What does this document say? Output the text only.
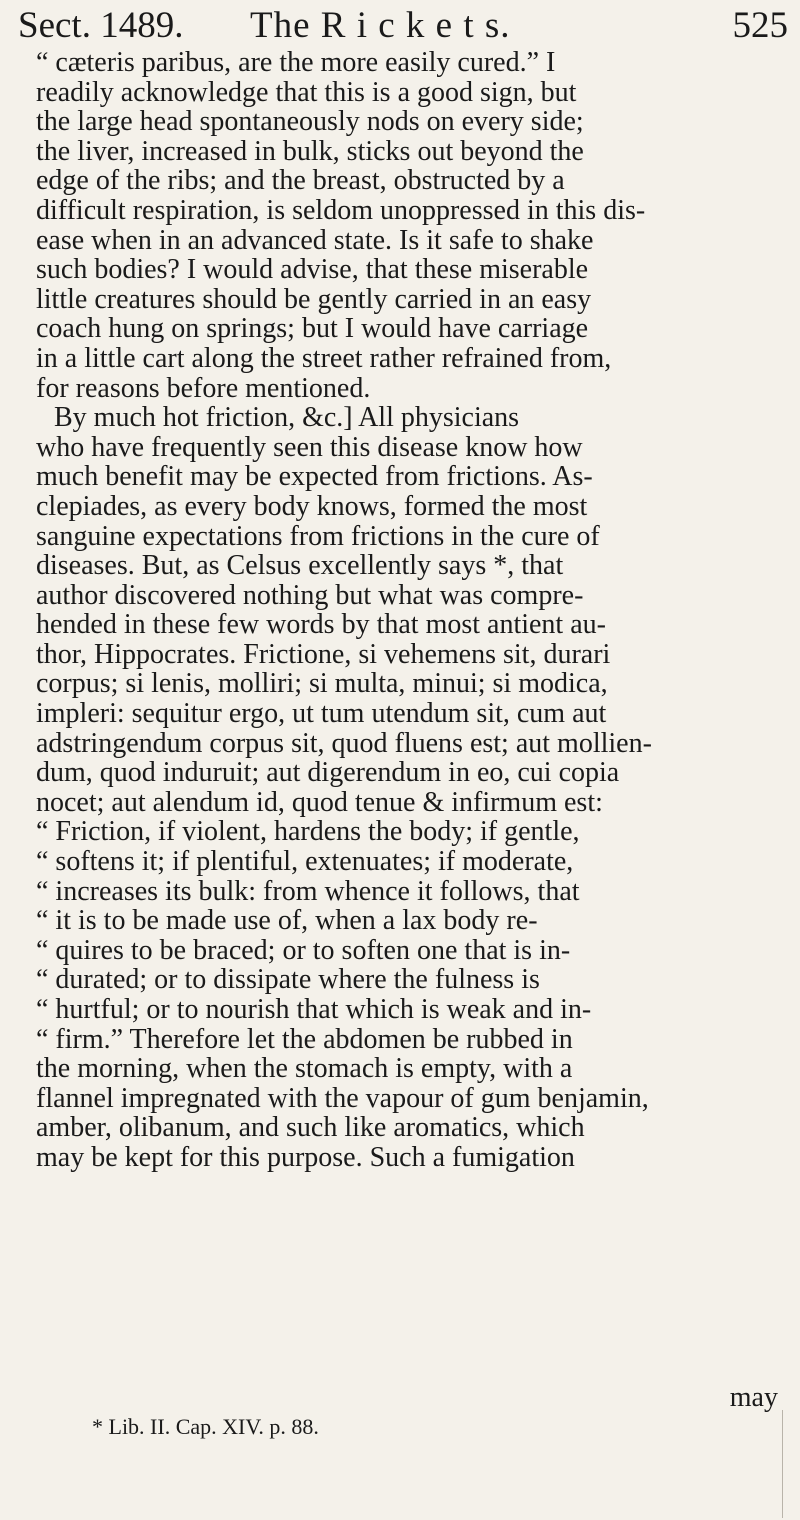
Sect. 1489. The R i c k e t s.	525
“ cæteris paribus, are the more easily cured.” I
readily acknowledge that this is a good sign, but
the large head spontaneously nods on every side;
the liver, increased in bulk, sticks out beyond the
edge of the ribs; and the breast, obstructed by a
difficult respiration, is seldom unoppressed in this dis-
ease when in an advanced state. Is it safe to shake
such bodies? I would advise, that these miserable
little creatures should be gently carried in an easy
coach hung on springs; but I would have carriage
in a little cart along the street rather refrained from,
for reasons before mentioned.
By much hot friction, &c.] All physicians
who have frequently seen this disease know how
much benefit may be expected from frictions. As-
clepiades, as every body knows, formed the most
sanguine expectations from frictions in the cure of
diseases. But, as Celsus excellently says *, that
author discovered nothing but what was compre-
hended in these few words by that most antient au-
thor, Hippocrates. Frictione, si vehemens sit, durari
corpus; si lenis, molliri; si multa, minui; si modica,
impleri: sequitur ergo, ut tum utendum sit, cum aut
adstringendum corpus sit, quod fluens est; aut mollien-
dum, quod induruit; aut digerendum in eo, cui copia
nocet; aut alendum id, quod tenue & infirmum est:
“ Friction, if violent, hardens the body; if gentle,
“ softens it; if plentiful, extenuates; if moderate,
“ increases its bulk: from whence it follows, that
“ it is to be made use of, when a lax body re-
“ quires to be braced; or to soften one that is in-
“ durated; or to dissipate where the fulness is
“ hurtful; or to nourish that which is weak and in-
“ firm.” Therefore let the abdomen be rubbed in
the morning, when the stomach is empty, with a
flannel impregnated with the vapour of gum benjamin,
amber, olibanum, and such like aromatics, which
may be kept for this purpose. Such a fumigation
may
* Lib. II. Cap. XIV. p. 88.
